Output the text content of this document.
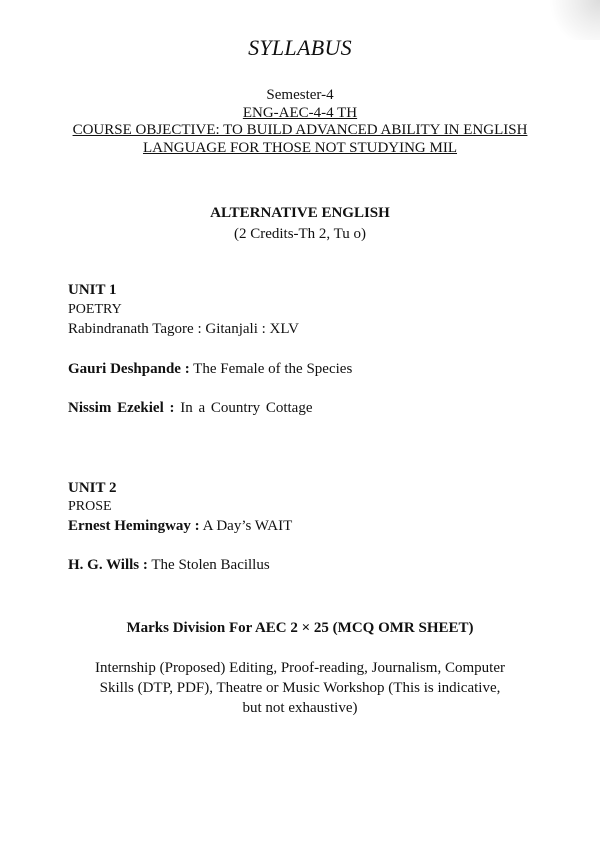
SYLLABUS
Semester-4
ENG-AEC-4-4 TH
COURSE OBJECTIVE: TO BUILD ADVANCED ABILITY IN ENGLISH
LANGUAGE FOR THOSE NOT STUDYING MIL
ALTERNATIVE ENGLISH
(2 Credits-Th 2, Tu o)
UNIT 1
POETRY
Rabindranath Tagore : Gitanjali : XLV
Gauri Deshpande : The Female of the Species
Nissim Ezekiel : In a Country Cottage
UNIT 2
PROSE
Ernest Hemingway : A Day’s WAIT
H. G. Wills : The Stolen Bacillus
Marks Division For AEC 2 × 25 (MCQ OMR SHEET)
Internship (Proposed) Editing, Proof-reading, Journalism, Computer Skills (DTP, PDF), Theatre or Music Workshop (This is indicative, but not exhaustive)
